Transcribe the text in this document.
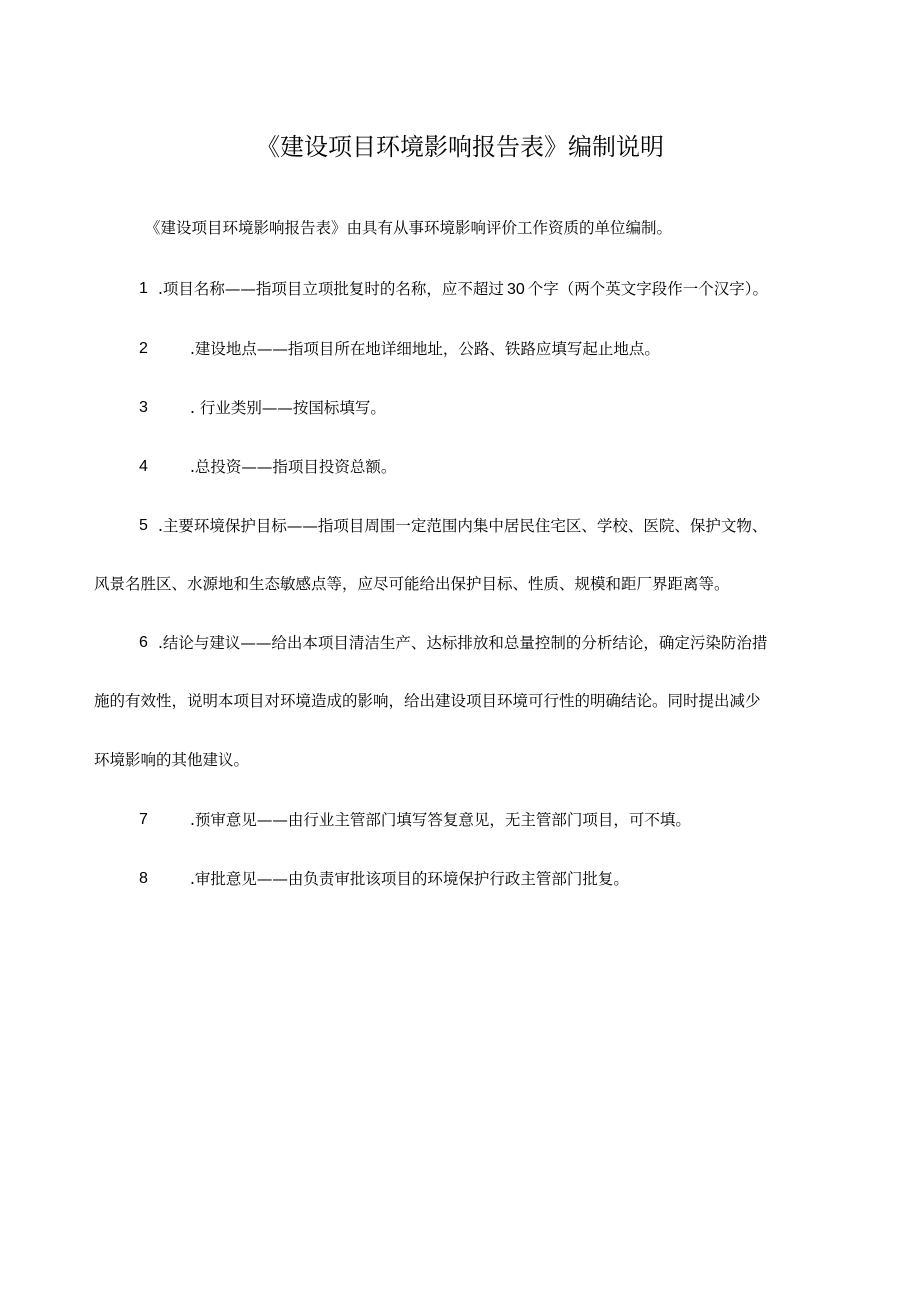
《建设项目环境影响报告表》编制说明
《建设项目环境影响报告表》由具有从事环境影响评价工作资质的单位编制。
1 .项目名称——指项目立项批复时的名称，应不超过 30 个字（两个英文字段作一个汉字）。
2	.建设地点——指项目所在地详细地址，公路、铁路应填写起止地点。
3	. 行业类别——按国标填写。
4	.总投资——指项目投资总额。
5 .主要环境保护目标——指项目周围一定范围内集中居民住宅区、学校、医院、保护文物、
风景名胜区、水源地和生态敏感点等，应尽可能给出保护目标、性质、规模和距厂界距离等。
6 .结论与建议——给出本项目清洁生产、达标排放和总量控制的分析结论，确定污染防治措
施的有效性，说明本项目对环境造成的影响，给出建设项目环境可行性的明确结论。同时提出减少
环境影响的其他建议。
7	.预审意见——由行业主管部门填写答复意见，无主管部门项目，可不填。
8	.审批意见——由负责审批该项目的环境保护行政主管部门批复。
